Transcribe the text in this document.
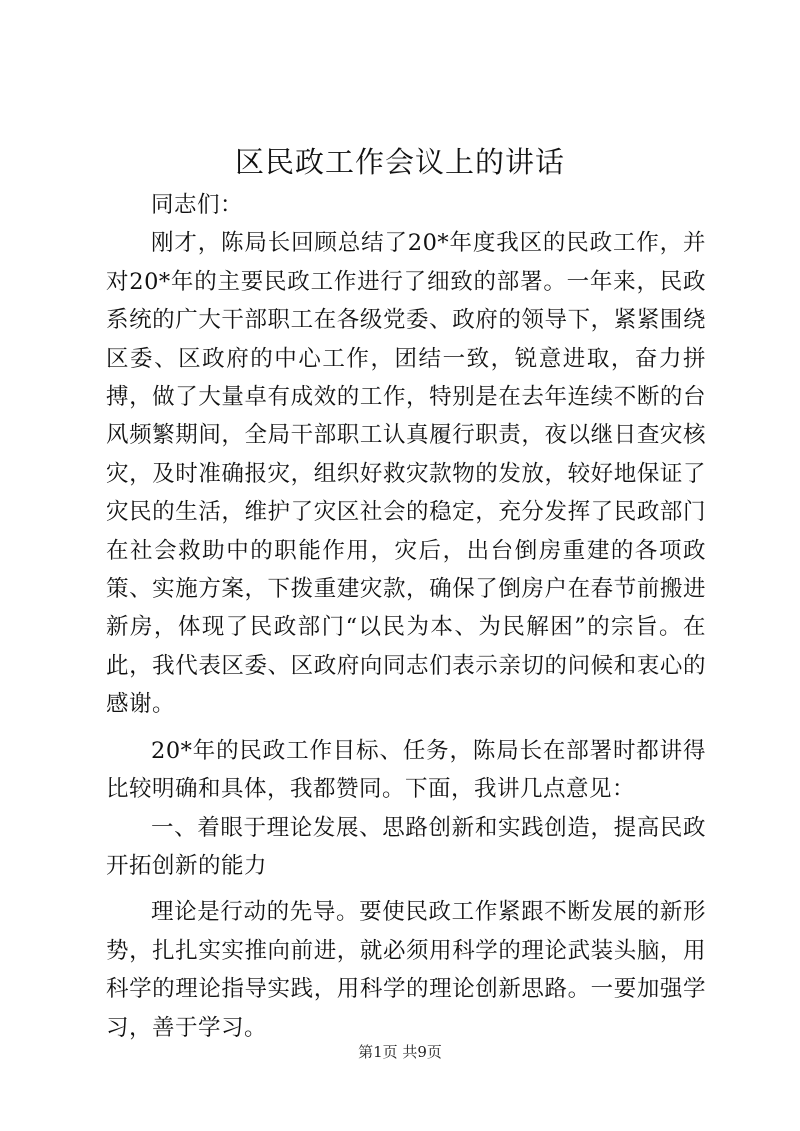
区民政工作会议上的讲话

同志们：

刚才，陈局长回顾总结了20*年度我区的民政工作，并对20*年的主要民政工作进行了细致的部署。一年来，民政系统的广大干部职工在各级党委、政府的领导下，紧紧围绕区委、区政府的中心工作，团结一致，锐意进取，奋力拼搏，做了大量卓有成效的工作，特别是在去年连续不断的台风频繁期间，全局干部职工认真履行职责，夜以继日查灾核灾，及时准确报灾，组织好救灾款物的发放，较好地保证了灾民的生活，维护了灾区社会的稳定，充分发挥了民政部门在社会救助中的职能作用，灾后，出台倒房重建的各项政策、实施方案，下拨重建灾款，确保了倒房户在春节前搬进新房，体现了民政部门“以民为本、为民解困”的宗旨。在此，我代表区委、区政府向同志们表示亲切的问候和衷心的感谢。

20*年的民政工作目标、任务，陈局长在部署时都讲得比较明确和具体，我都赞同。下面，我讲几点意见：

一、着眼于理论发展、思路创新和实践创造，提高民政开拓创新的能力

理论是行动的先导。要使民政工作紧跟不断发展的新形势，扎扎实实推向前进，就必须用科学的理论武装头脑，用科学的理论指导实践，用科学的理论创新思路。一要加强学习，善于学习。

第1页 共9页
